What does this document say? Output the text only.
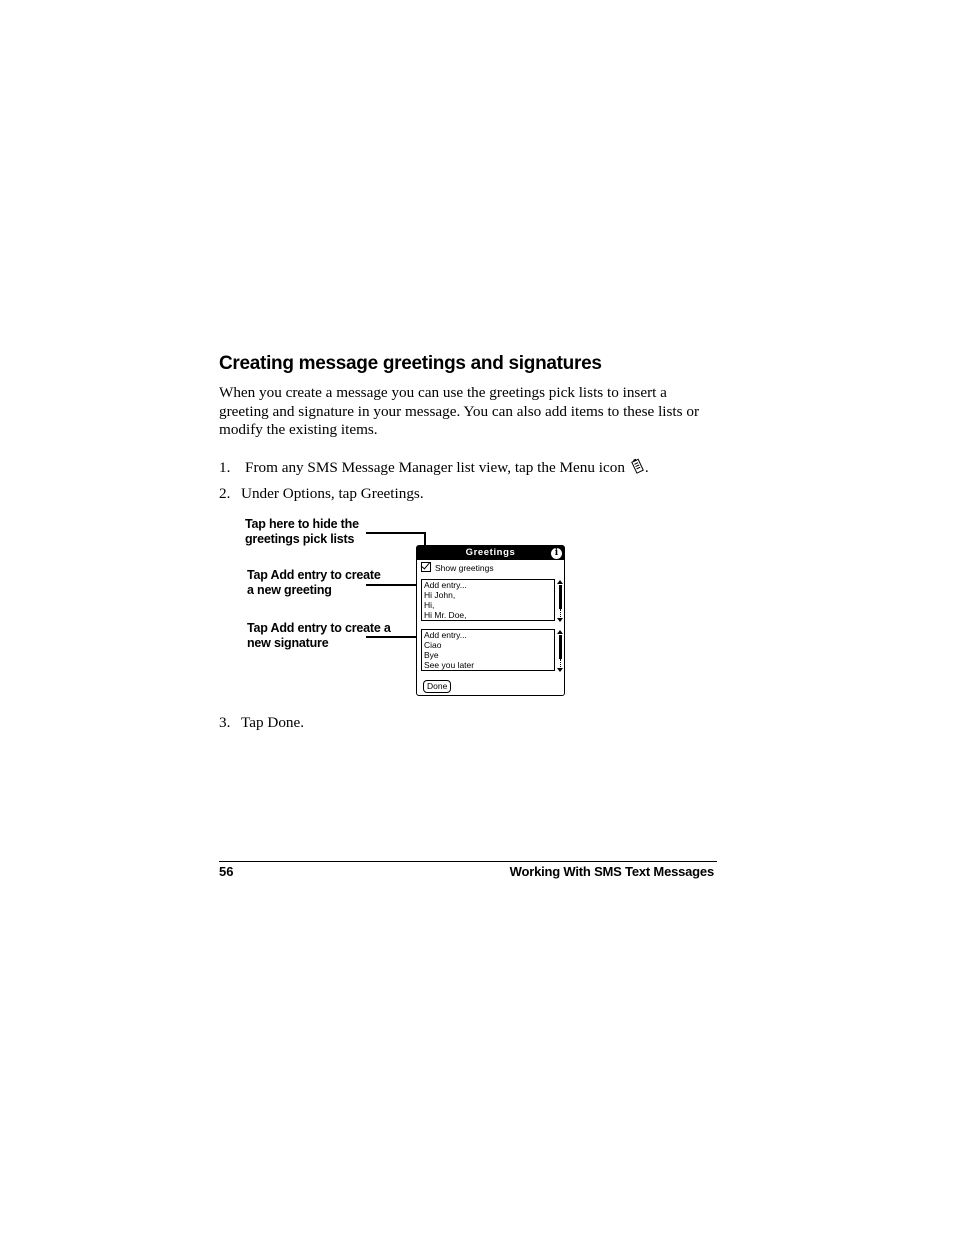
Creating message greetings and signatures

When you create a message you can use the greetings pick lists to insert a greeting and signature in your message. You can also add items to these lists or modify the existing items.

1. From any SMS Message Manager list view, tap the Menu icon .
2. Under Options, tap Greetings.
Tap here to hide the greetings pick lists
Tap Add entry to create a new greeting
Tap Add entry to create a new signature
Greetings	i
Show greetings
Add entry...
Hi John,
Hi,
Hi Mr. Doe,
Add entry...
Ciao
Bye
See you later
Done
3. Tap Done.
56	Working With SMS Text Messages
